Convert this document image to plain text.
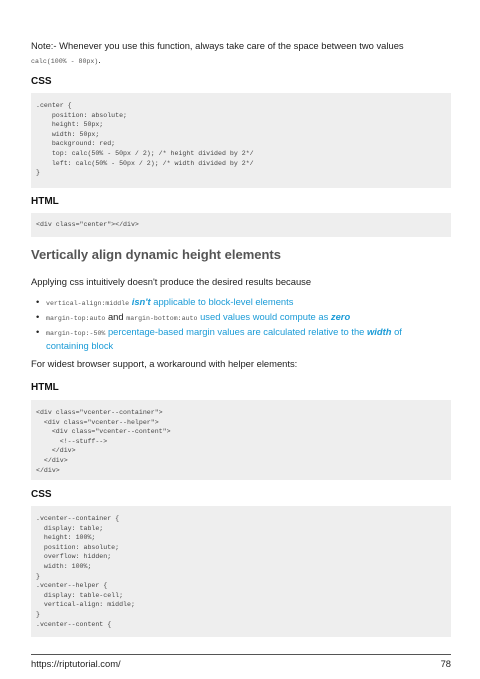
Note:- Whenever you use this function, always take care of the space between two values
calc(100% - 80px).
CSS
.center {
position: absolute;
height: 50px;
width: 50px;
background: red;
top: calc(50% - 50px / 2); /* height divided by 2*/
left: calc(50% - 50px / 2); /* width divided by 2*/
}
HTML
<div class="center"></div>
Vertically align dynamic height elements
Applying css intuitively doesn't produce the desired results because
• vertical-align:middle isn't applicable to block-level elements
• margin-top:auto and margin-bottom:auto used values would compute as zero
• margin-top:-50% percentage-based margin values are calculated relative to the width of
containing block
For widest browser support, a workaround with helper elements:
HTML
<div class="vcenter--container">
<div class="vcenter--helper">
<div class="vcenter--content">
<!--stuff-->
</div>
</div>
</div>
CSS
.vcenter--container {
display: table;
height: 100%;
position: absolute;
overflow: hidden;
width: 100%;
}
.vcenter--helper {
display: table-cell;
vertical-align: middle;
}
.vcenter--content {
https://riptutorial.com/	78
